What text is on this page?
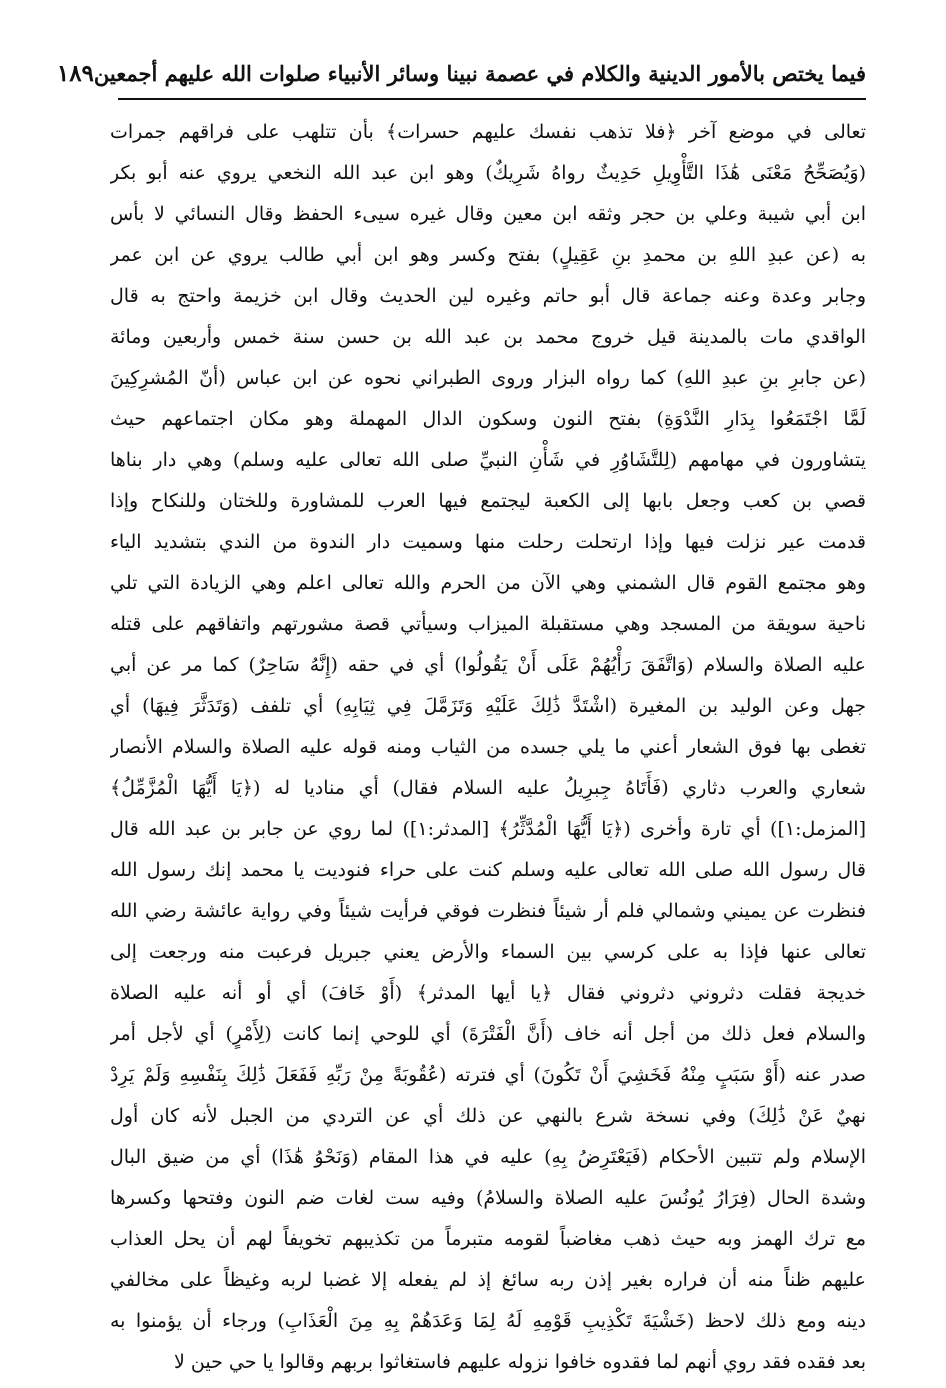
فيما يختص بالأمور الدينية والكلام في عصمة نبينا وسائر الأنبياء صلوات الله عليهم أجمعين
١٨٩
تعالى في موضع آخر ﴿فلا تذهب نفسك عليهم حسرات﴾ بأن تتلهب على فراقهم جمرات
(وَيُصَحِّحُ مَعْنَى هَٰذَا التَّأْوِيلِ حَدِيثٌ رواهُ شَرِيكٌ) وهو ابن عبد الله النخعي يروي عنه أبو بكر
ابن أبي شيبة وعلي بن حجر وثقه ابن معين وقال غيره سيىء الحفظ وقال النسائي لا بأس
به (عن عبدِ اللهِ بن محمدِ بنِ عَقِيلٍ) بفتح وكسر وهو ابن أبي طالب يروي عن ابن عمر
وجابر وعدة وعنه جماعة قال أبو حاتم وغيره لين الحديث وقال ابن خزيمة واحتج به قال
الواقدي مات بالمدينة قيل خروج محمد بن عبد الله بن حسن سنة خمس وأربعين ومائة
(عن جابرِ بنِ عبدِ اللهِ) كما رواه البزار وروى الطبراني نحوه عن ابن عباس (أنّ المُشرِكِينَ
لَمَّا اجْتَمَعُوا بِدَارِ النَّدْوَةِ) بفتح النون وسكون الدال المهملة وهو مكان اجتماعهم حيث
يتشاورون في مهامهم (لِلتَّشَاوُرِ في شَأْنِ النبيِّ صلى الله تعالى عليه وسلم) وهي دار بناها
قصي بن كعب وجعل بابها إلى الكعبة ليجتمع فيها العرب للمشاورة وللختان وللنكاح وإذا
قدمت عير نزلت فيها وإذا ارتحلت رحلت منها وسميت دار الندوة من الندي بتشديد الياء
وهو مجتمع القوم قال الشمني وهي الآن من الحرم والله تعالى اعلم وهي الزيادة التي تلي
ناحية سويقة من المسجد وهي مستقبلة الميزاب وسيأتي قصة مشورتهم واتفاقهم على قتله
عليه الصلاة والسلام (وَاتَّفَقَ رَأْيُهُمْ عَلَى أَنْ يَقُولُوا) أي في حقه (إِنَّهُ سَاحِرٌ) كما مر عن أبي
جهل وعن الوليد بن المغيرة (اشْتَدَّ ذَٰلِكَ عَلَيْهِ وَتَزَمَّلَ فِي ثِيَابِهِ) أي تلفف (وَتَدَثَّرَ فِيهَا) أي
تغطى بها فوق الشعار أعني ما يلي جسده من الثياب ومنه قوله عليه الصلاة والسلام الأنصار
شعاري والعرب دثاري (فَأَتَاهُ جِبرِيلُ عليه السلام فقال) أي مناديا له (﴿يَا أَيُّهَا الْمُزَّمِّلُ﴾
[المزمل:١]) أي تارة وأخرى (﴿يَا أَيُّهَا الْمُدَّثِّرُ﴾ [المدثر:١]) لما روي عن جابر بن عبد الله قال
قال رسول الله صلى الله تعالى عليه وسلم كنت على حراء فنوديت يا محمد إنك رسول الله
فنظرت عن يميني وشمالي فلم أر شيئاً فنظرت فوقي فرأيت شيئاً وفي رواية عائشة رضي الله
تعالى عنها فإذا به على كرسي بين السماء والأرض يعني جبريل فرعبت منه ورجعت إلى
خديجة فقلت دثروني دثروني فقال ﴿يا أيها المدثر﴾ (أَوْ خَافَ) أي أو أنه عليه الصلاة
والسلام فعل ذلك من أجل أنه خاف (أَنَّ الْفَتْرَةَ) أي للوحي إنما كانت (لِأَمْرٍ) أي لأجل أمر
صدر عنه (أَوْ سَبَبٍ مِنْهُ فَخَشِيَ أَنْ تَكُونَ) أي فترته (عُقُوبَةً مِنْ رَبِّهِ فَفَعَلَ ذَٰلِكَ بِنَفْسِهِ وَلَمْ يَرِدْ
نهيٌ عَنْ ذَٰلِكَ) وفي نسخة شرع بالنهي عن ذلك أي عن التردي من الجبل لأنه كان أول
الإسلام ولم تتبين الأحكام (فَيَعْتَرِضُ بِهِ) عليه في هذا المقام (وَنَحْوُ هَٰذَا) أي من ضيق البال
وشدة الحال (فِرَارُ يُونُسَ عليه الصلاة والسلامُ) وفيه ست لغات ضم النون وفتحها وكسرها
مع ترك الهمز وبه حيث ذهب مغاضباً لقومه متبرماً من تكذيبهم تخويفاً لهم أن يحل العذاب
عليهم ظناً منه أن فراره بغير إذن ربه سائغ إذ لم يفعله إلا غضبا لربه وغيظاً على مخالفي
دينه ومع ذلك لاحظ (خَشْيَةَ تَكْذِيبِ قَوْمِهِ لَهُ لِمَا وَعَدَهُمْ بِهِ مِنَ الْعَذَابِ) ورجاء أن يؤمنوا به
بعد فقده فقد روي أنهم لما فقدوه خافوا نزوله عليهم فاستغاثوا بربهم وقالوا يا حي حين لا
